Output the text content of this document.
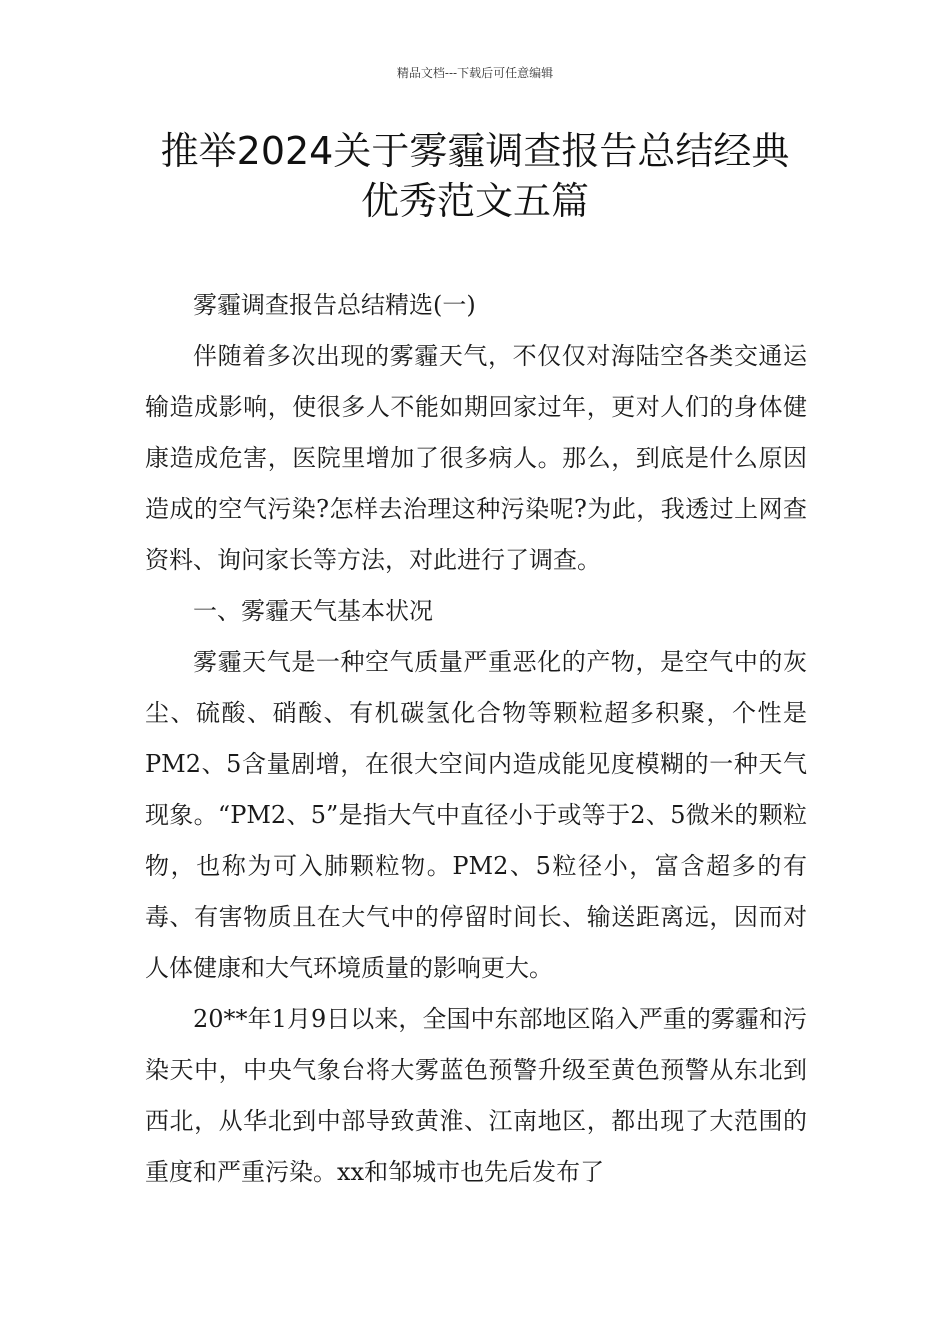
精品文档---下载后可任意编辑
推举2024关于雾霾调查报告总结经典
优秀范文五篇

雾霾调查报告总结精选(一)

伴随着多次出现的雾霾天气，不仅仅对海陆空各类交通运输造成影响，使很多人不能如期回家过年，更对人们的身体健康造成危害，医院里增加了很多病人。那么，到底是什么原因造成的空气污染?怎样去治理这种污染呢?为此，我透过上网查资料、询问家长等方法，对此进行了调查。

一、雾霾天气基本状况

雾霾天气是一种空气质量严重恶化的产物，是空气中的灰尘、硫酸、硝酸、有机碳氢化合物等颗粒超多积聚，个性是PM2、5含量剧增，在很大空间内造成能见度模糊的一种天气现象。“PM2、5”是指大气中直径小于或等于2、5微米的颗粒物，也称为可入肺颗粒物。PM2、5粒径小，富含超多的有毒、有害物质且在大气中的停留时间长、输送距离远，因而对人体健康和大气环境质量的影响更大。

20**年1月9日以来，全国中东部地区陷入严重的雾霾和污染天中，中央气象台将大雾蓝色预警升级至黄色预警从东北到西北，从华北到中部导致黄淮、江南地区，都出现了大范围的重度和严重污染。xx和邹城市也先后发布了
